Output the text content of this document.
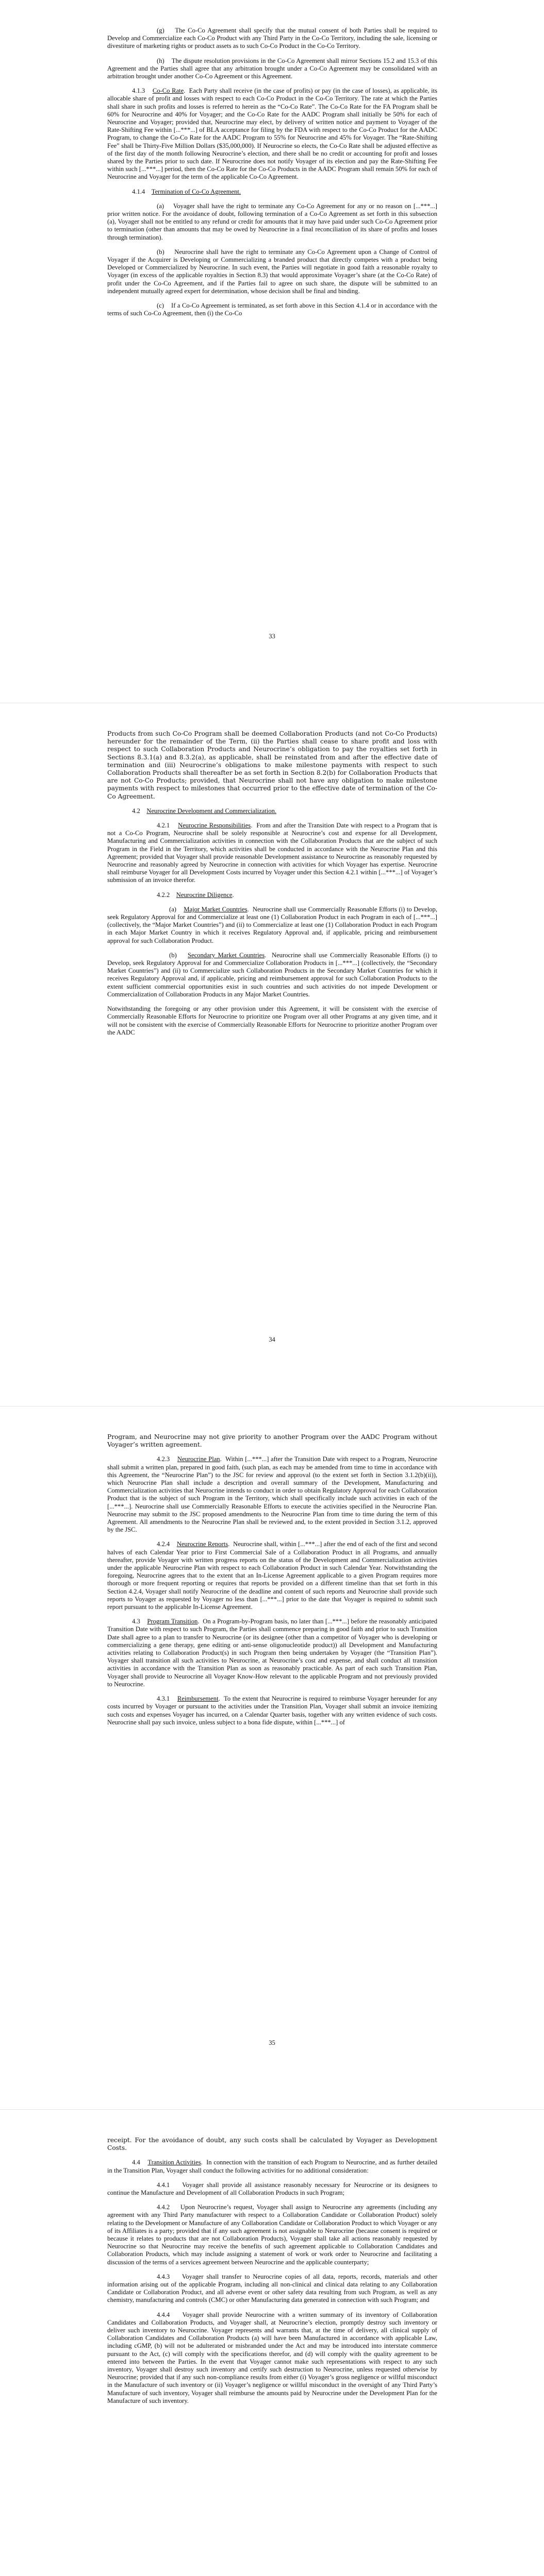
(g) The Co-Co Agreement shall specify that the mutual consent of both Parties shall be required to Develop and Commercialize each Co-Co Product with any Third Party in the Co-Co Territory, including the sale, licensing or divestiture of marketing rights or product assets as to such Co-Co Product in the Co-Co Territory.

(h) The dispute resolution provisions in the Co-Co Agreement shall mirror Sections 15.2 and 15.3 of this Agreement and the Parties shall agree that any arbitration brought under a Co-Co Agreement may be consolidated with an arbitration brought under another Co-Co Agreement or this Agreement.

4.1.3 Co-Co Rate.  Each Party shall receive (in the case of profits) or pay (in the case of losses), as applicable, its allocable share of profit and losses with respect to each Co-Co Product in the Co-Co Territory. The rate at which the Parties shall share in such profits and losses is referred to herein as the “Co-Co Rate”. The Co-Co Rate for the FA Program shall be 60% for Neurocrine and 40% for Voyager; and the Co-Co Rate for the AADC Program shall initially be 50% for each of Neurocrine and Voyager; provided that, Neurocrine may elect, by delivery of written notice and payment to Voyager of the Rate-Shifting Fee within [...***...] of BLA acceptance for filing by the FDA with respect to the Co-Co Product for the AADC Program, to change the Co-Co Rate for the AADC Program to 55% for Neurocrine and 45% for Voyager. The “Rate-Shifting Fee” shall be Thirty-Five Million Dollars ($35,000,000). If Neurocrine so elects, the Co-Co Rate shall be adjusted effective as of the first day of the month following Neurocrine’s election, and there shall be no credit or accounting for profit and losses shared by the Parties prior to such date. If Neurocrine does not notify Voyager of its election and pay the Rate-Shifting Fee within such [...***...] period, then the Co-Co Rate for the Co-Co Products in the AADC Program shall remain 50% for each of Neurocrine and Voyager for the term of the applicable Co-Co Agreement.

4.1.4 Termination of Co-Co Agreement.

(a) Voyager shall have the right to terminate any Co-Co Agreement for any or no reason on [...***...] prior written notice. For the avoidance of doubt, following termination of a Co-Co Agreement as set forth in this subsection (a), Voyager shall not be entitled to any refund or credit for amounts that it may have paid under such Co-Co Agreement prior to termination (other than amounts that may be owed by Neurocrine in a final reconciliation of its share of profits and losses through termination).

(b) Neurocrine shall have the right to terminate any Co-Co Agreement upon a Change of Control of Voyager if the Acquirer is Developing or Commercializing a branded product that directly competes with a product being Developed or Commercialized by Neurocrine. In such event, the Parties will negotiate in good faith a reasonable royalty to Voyager (in excess of the applicable royalties in Section 8.3) that would approximate Voyager’s share (at the Co-Co Rate) of profit under the Co-Co Agreement, and if the Parties fail to agree on such share, the dispute will be submitted to an independent mutually agreed expert for determination, whose decision shall be final and binding.

(c) If a Co-Co Agreement is terminated, as set forth above in this Section 4.1.4 or in accordance with the terms of such Co-Co Agreement, then (i) the Co-Co

33

Products from such Co-Co Program shall be deemed Collaboration Products (and not Co-Co Products) hereunder for the remainder of the Term, (ii) the Parties shall cease to share profit and loss with respect to such Collaboration Products and Neurocrine’s obligation to pay the royalties set forth in Sections 8.3.1(a) and 8.3.2(a), as applicable, shall be reinstated from and after the effective date of termination and (iii) Neurocrine’s obligations to make milestone payments with respect to such Collaboration Products shall thereafter be as set forth in Section 8.2(b) for Collaboration Products that are not Co-Co Products; provided, that Neurocrine shall not have any obligation to make milestone payments with respect to milestones that occurred prior to the effective date of termination of the Co-Co Agreement.

4.2 Neurocrine Development and Commercialization.

4.2.1 Neurocrine Responsibilities.  From and after the Transition Date with respect to a Program that is not a Co-Co Program, Neurocrine shall be solely responsible at Neurocrine’s cost and expense for all Development, Manufacturing and Commercialization activities in connection with the Collaboration Products that are the subject of such Program in the Field in the Territory, which activities shall be conducted in accordance with the Neurocrine Plan and this Agreement; provided that Voyager shall provide reasonable Development assistance to Neurocrine as reasonably requested by Neurocrine and reasonably agreed by Neurocrine in connection with activities for which Voyager has expertise. Neurocrine shall reimburse Voyager for all Development Costs incurred by Voyager under this Section 4.2.1 within [...***...] of Voyager’s submission of an invoice therefor.

4.2.2 Neurocrine Diligence.

(a) Major Market Countries.  Neurocrine shall use Commercially Reasonable Efforts (i) to Develop, seek Regulatory Approval for and Commercialize at least one (1) Collaboration Product in each Program in each of [...***...] (collectively, the “Major Market Countries”) and (ii) to Commercialize at least one (1) Collaboration Product in each Program in each Major Market Country in which it receives Regulatory Approval and, if applicable, pricing and reimbursement approval for such Collaboration Product.

(b) Secondary Market Countries.  Neurocrine shall use Commercially Reasonable Efforts (i) to Develop, seek Regulatory Approval for and Commercialize Collaboration Products in [...***...] (collectively, the “Secondary Market Countries”) and (ii) to Commercialize such Collaboration Products in the Secondary Market Countries for which it receives Regulatory Approval and, if applicable, pricing and reimbursement approval for such Collaboration Products to the extent sufficient commercial opportunities exist in such countries and such activities do not impede Development or Commercialization of Collaboration Products in any Major Market Countries.

Notwithstanding the foregoing or any other provision under this Agreement, it will be consistent with the exercise of Commercially Reasonable Efforts for Neurocrine to prioritize one Program over all other Programs at any given time, and it will not be consistent with the exercise of Commercially Reasonable Efforts for Neurocrine to prioritize another Program over the AADC

34

Program, and Neurocrine may not give priority to another Program over the AADC Program without Voyager’s written agreement.

4.2.3 Neurocrine Plan.  Within [...***...] after the Transition Date with respect to a Program, Neurocrine shall submit a written plan, prepared in good faith, (such plan, as each may be amended from time to time in accordance with this Agreement, the “Neurocrine Plan”) to the JSC for review and approval (to the extent set forth in Section 3.1.2(b)(ii)), which Neurocrine Plan shall include a description and overall summary of the Development, Manufacturing and Commercialization activities that Neurocrine intends to conduct in order to obtain Regulatory Approval for each Collaboration Product that is the subject of such Program in the Territory, which shall specifically include such activities in each of the [...***...]. Neurocrine shall use Commercially Reasonable Efforts to execute the activities specified in the Neurocrine Plan. Neurocrine may submit to the JSC proposed amendments to the Neurocrine Plan from time to time during the term of this Agreement. All amendments to the Neurocrine Plan shall be reviewed and, to the extent provided in Section 3.1.2, approved by the JSC.

4.2.4 Neurocrine Reports.  Neurocrine shall, within [...***...] after the end of each of the first and second halves of each Calendar Year prior to First Commercial Sale of a Collaboration Product in all Programs, and annually thereafter, provide Voyager with written progress reports on the status of the Development and Commercialization activities under the applicable Neurocrine Plan with respect to each Collaboration Product in such Calendar Year. Notwithstanding the foregoing, Neurocrine agrees that to the extent that an In-License Agreement applicable to a given Program requires more thorough or more frequent reporting or requires that reports be provided on a different timeline than that set forth in this Section 4.2.4, Voyager shall notify Neurocrine of the deadline and content of such reports and Neurocrine shall provide such reports to Voyager as requested by Voyager no less than [...***...] prior to the date that Voyager is required to submit such report pursuant to the applicable In-License Agreement.

4.3 Program Transition.  On a Program-by-Program basis, no later than [...***...] before the reasonably anticipated Transition Date with respect to such Program, the Parties shall commence preparing in good faith and prior to such Transition Date shall agree to a plan to transfer to Neurocrine (or its designee (other than a competitor of Voyager who is developing or commercializing a gene therapy, gene editing or anti-sense oligonucleotide product)) all Development and Manufacturing activities relating to Collaboration Product(s) in such Program then being undertaken by Voyager (the “Transition Plan”). Voyager shall transition all such activities to Neurocrine, at Neurocrine’s cost and expense, and shall conduct all transition activities in accordance with the Transition Plan as soon as reasonably practicable. As part of each such Transition Plan, Voyager shall provide to Neurocrine all Voyager Know-How relevant to the applicable Program and not previously provided to Neurocrine.

4.3.1 Reimbursement.  To the extent that Neurocrine is required to reimburse Voyager hereunder for any costs incurred by Voyager or pursuant to the activities under the Transition Plan, Voyager shall submit an invoice itemizing such costs and expenses Voyager has incurred, on a Calendar Quarter basis, together with any written evidence of such costs. Neurocrine shall pay such invoice, unless subject to a bona fide dispute, within [...***...] of

35

receipt. For the avoidance of doubt, any such costs shall be calculated by Voyager as Development Costs.

4.4 Transition Activities.  In connection with the transition of each Program to Neurocrine, and as further detailed in the Transition Plan, Voyager shall conduct the following activities for no additional consideration:

4.4.1 Voyager shall provide all assistance reasonably necessary for Neurocrine or its designees to continue the Manufacture and Development of all Collaboration Products in such Program;

4.4.2 Upon Neurocrine’s request, Voyager shall assign to Neurocrine any agreements (including any agreement with any Third Party manufacturer with respect to a Collaboration Candidate or Collaboration Product) solely relating to the Development or Manufacture of any Collaboration Candidate or Collaboration Product to which Voyager or any of its Affiliates is a party; provided that if any such agreement is not assignable to Neurocrine (because consent is required or because it relates to products that are not Collaboration Products), Voyager shall take all actions reasonably requested by Neurocrine so that Neurocrine may receive the benefits of such agreement applicable to Collaboration Candidates and Collaboration Products, which may include assigning a statement of work or work order to Neurocrine and facilitating a discussion of the terms of a services agreement between Neurocrine and the applicable counterparty;

4.4.3 Voyager shall transfer to Neurocrine copies of all data, reports, records, materials and other information arising out of the applicable Program, including all non-clinical and clinical data relating to any Collaboration Candidate or Collaboration Product, and all adverse event or other safety data resulting from such Program, as well as any chemistry, manufacturing and controls (CMC) or other Manufacturing data generated in connection with such Program; and

4.4.4 Voyager shall provide Neurocrine with a written summary of its inventory of Collaboration Candidates and Collaboration Products, and Voyager shall, at Neurocrine’s election, promptly destroy such inventory or deliver such inventory to Neurocrine. Voyager represents and warrants that, at the time of delivery, all clinical supply of Collaboration Candidates and Collaboration Products (a) will have been Manufactured in accordance with applicable Law, including cGMP, (b) will not be adulterated or misbranded under the Act and may be introduced into interstate commerce pursuant to the Act, (c) will comply with the specifications therefor, and (d) will comply with the quality agreement to be entered into between the Parties. In the event that Voyager cannot make such representations with respect to any such inventory, Voyager shall destroy such inventory and certify such destruction to Neurocrine, unless requested otherwise by Neurocrine; provided that if any such non-compliance results from either (i) Voyager’s gross negligence or willful misconduct in the Manufacture of such inventory or (ii) Voyager’s negligence or willful misconduct in the oversight of any Third Party’s Manufacture of such inventory, Voyager shall reimburse the amounts paid by Neurocrine under the Development Plan for the Manufacture of such inventory.
